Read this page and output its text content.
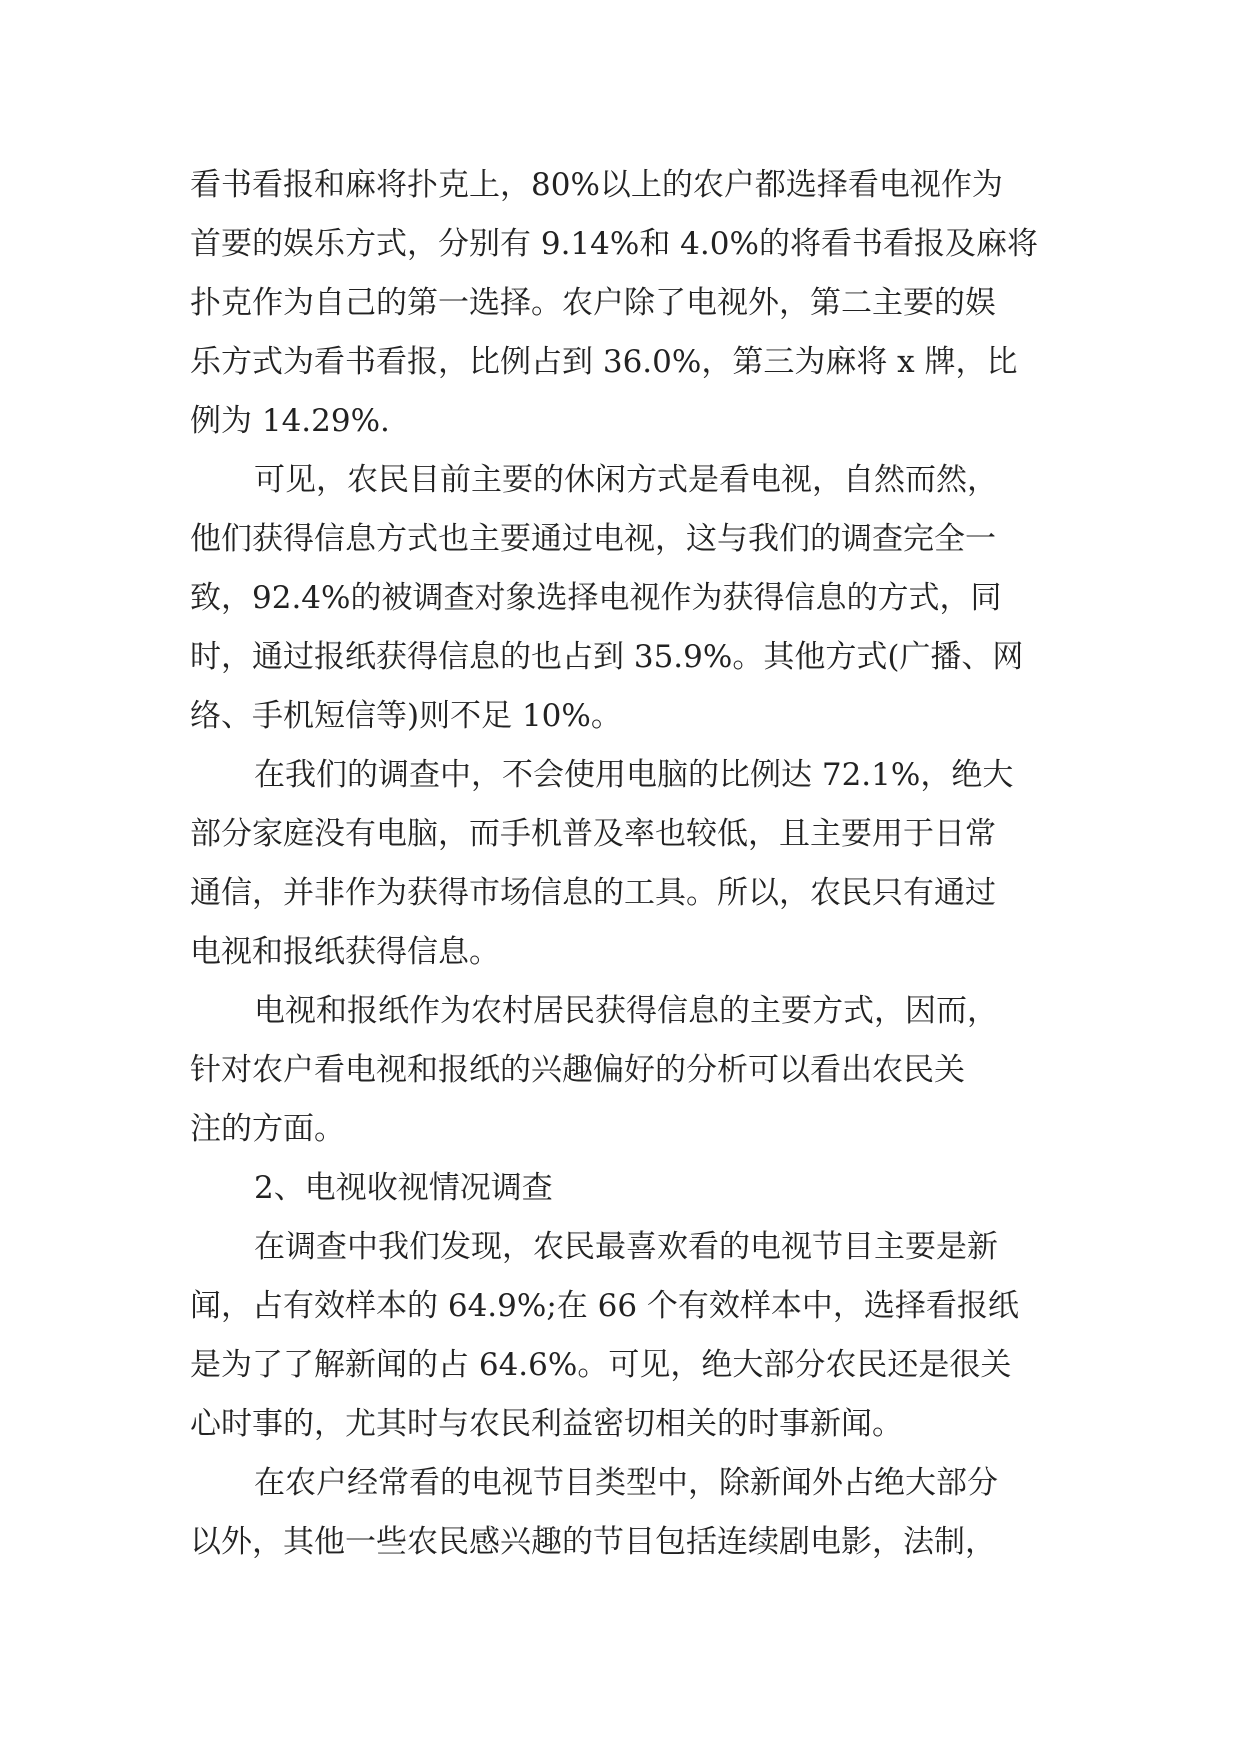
看书看报和麻将扑克上，80%以上的农户都选择看电视作为
首要的娱乐方式，分别有 9.14%和 4.0%的将看书看报及麻将
扑克作为自己的第一选择。农户除了电视外，第二主要的娱
乐方式为看书看报，比例占到 36.0%，第三为麻将 x 牌，比
例为 14.29%.
可见，农民目前主要的休闲方式是看电视，自然而然，
他们获得信息方式也主要通过电视，这与我们的调查完全一
致，92.4%的被调查对象选择电视作为获得信息的方式，同
时，通过报纸获得信息的也占到 35.9%。其他方式(广播、网
络、手机短信等)则不足 10%。
在我们的调查中，不会使用电脑的比例达 72.1%，绝大
部分家庭没有电脑，而手机普及率也较低，且主要用于日常
通信，并非作为获得市场信息的工具。所以，农民只有通过
电视和报纸获得信息。
电视和报纸作为农村居民获得信息的主要方式，因而，
针对农户看电视和报纸的兴趣偏好的分析可以看出农民关
注的方面。
2、电视收视情况调查
在调查中我们发现，农民最喜欢看的电视节目主要是新
闻，占有效样本的 64.9%;在 66 个有效样本中，选择看报纸
是为了了解新闻的占 64.6%。可见，绝大部分农民还是很关
心时事的，尤其时与农民利益密切相关的时事新闻。
在农户经常看的电视节目类型中，除新闻外占绝大部分
以外，其他一些农民感兴趣的节目包括连续剧电影，法制，
